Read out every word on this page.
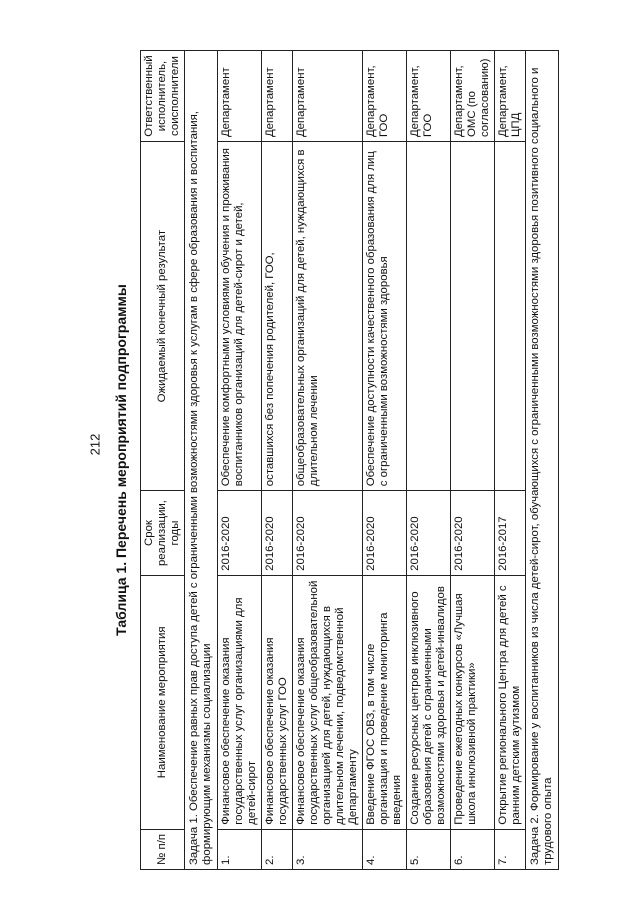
212 Таблица 1. Перечень мероприятий подпрограммы
№ п/п	Наименование мероприятия	Срок реализации, годы	Ожидаемый конечный результат	Ответственный исполнитель, соисполнители
Задача 1. Обеспечение равных прав доступа детей с ограниченными возможностями здоровья к услугам в сфере образования и воспитания, формирующим механизмы социализации				
1.	Финансовое обеспечение оказания государственных услуг организациями для детей-сирот	2016-2020	Обеспечение комфортными условиями обучения и проживания воспитанников организаций для детей-сирот и детей,	Департамент
2.	Финансовое обеспечение оказания государственных услуг ГОО	2016-2020	оставшихся без попечения родителей, ГОО,	Департамент
3.	Финансовое обеспечение оказания государственных услуг общеобразовательной организацией для детей, нуждающихся в длительном лечении, подведомственной Департаменту	2016-2020	общеобразовательных организаций для детей, нуждающихся в длительном лечении	Департамент
4.	Введение ФГОС ОВЗ, в том числе организация и проведение мониторинга введения	2016-2020	Обеспечение доступности качественного образования для лиц с ограниченными возможностями здоровья	Департамент, ГОО
5.	Создание ресурсных центров инклюзивного образования детей с ограниченными возможностями здоровья и детей-инвалидов	2016-2020		Департамент, ГОО
6.	Проведение ежегодных конкурсов «Лучшая школа инклюзивной практики»	2016-2020		Департамент, ОМС (по согласованию)
7.	Открытие регионального Центра для детей с ранним детским аутизмом	2016-2017		Департамент, ЦПД
Задача 2. Формирование у воспитанников из числа детей-сирот, обучающихся с ограниченными возможностями здоровья позитивного социального и трудового опыта				
